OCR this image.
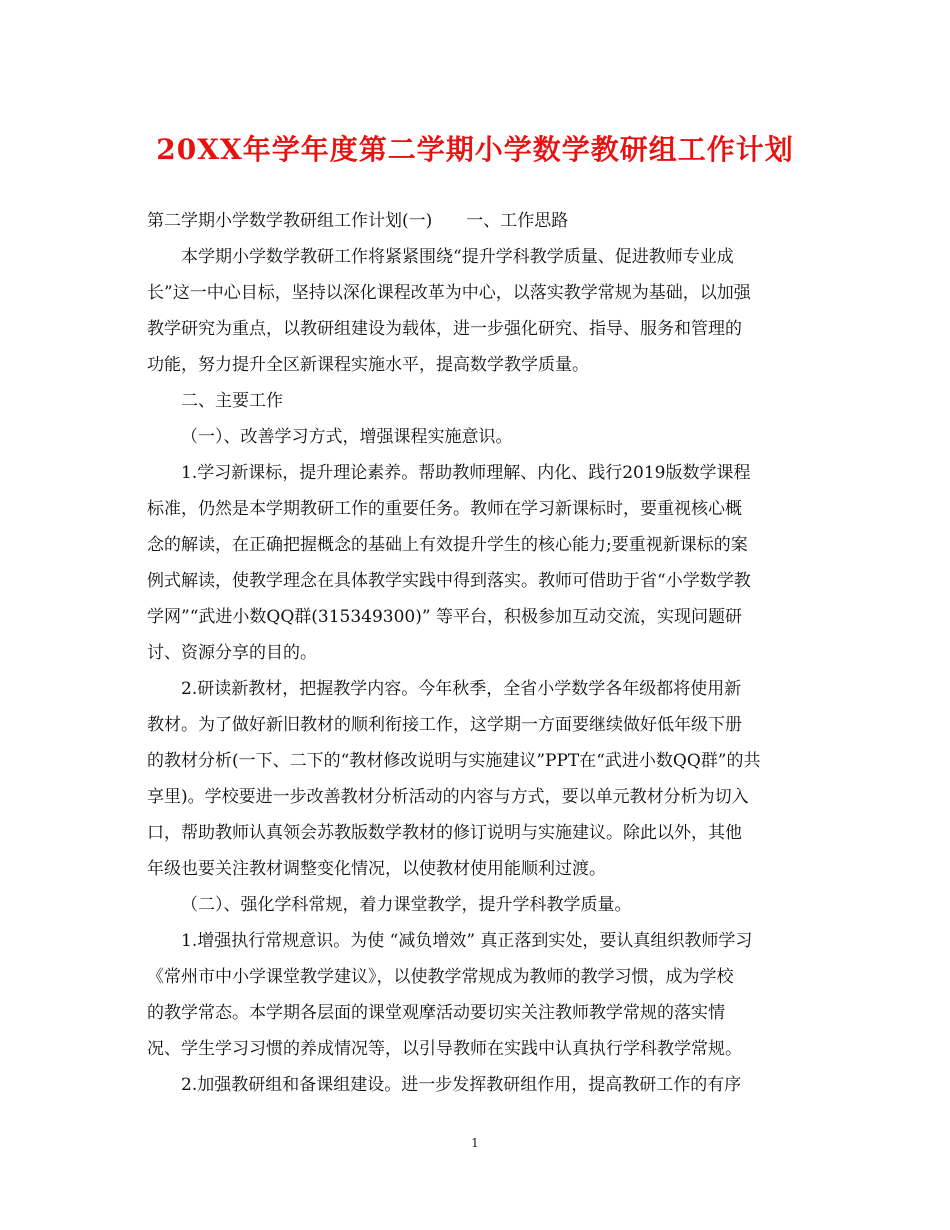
20XX年学年度第二学期小学数学教研组工作计划
第二学期小学数学教研组工作计划(一)　　一、工作思路
本学期小学数学教研工作将紧紧围绕“提升学科教学质量、促进教师专业成
长”这一中心目标，坚持以深化课程改革为中心，以落实教学常规为基础，以加强
教学研究为重点，以教研组建设为载体，进一步强化研究、指导、服务和管理的
功能，努力提升全区新课程实施水平，提高数学教学质量。
二、主要工作
（一）、改善学习方式，增强课程实施意识。
1.学习新课标，提升理论素养。帮助教师理解、内化、践行2019版数学课程
标准，仍然是本学期教研工作的重要任务。教师在学习新课标时，要重视核心概
念的解读，在正确把握概念的基础上有效提升学生的核心能力;要重视新课标的案
例式解读，使教学理念在具体教学实践中得到落实。教师可借助于省“小学数学教
学网”“武进小数QQ群(315349300)” 等平台，积极参加互动交流，实现问题研
讨、资源分享的目的。
2.研读新教材，把握教学内容。今年秋季，全省小学数学各年级都将使用新
教材。为了做好新旧教材的顺利衔接工作，这学期一方面要继续做好低年级下册
的教材分析(一下、二下的“教材修改说明与实施建议”PPT在“武进小数QQ群”的共
享里)。学校要进一步改善教材分析活动的内容与方式，要以单元教材分析为切入
口，帮助教师认真领会苏教版数学教材的修订说明与实施建议。除此以外，其他
年级也要关注教材调整变化情况，以使教材使用能顺利过渡。
（二）、强化学科常规，着力课堂教学，提升学科教学质量。
1.增强执行常规意识。为使 “减负增效” 真正落到实处，要认真组织教师学习
《常州市中小学课堂教学建议》，以使教学常规成为教师的教学习惯，成为学校
的教学常态。本学期各层面的课堂观摩活动要切实关注教师教学常规的落实情
况、学生学习习惯的养成情况等，以引导教师在实践中认真执行学科教学常规。
2.加强教研组和备课组建设。进一步发挥教研组作用，提高教研工作的有序
1
